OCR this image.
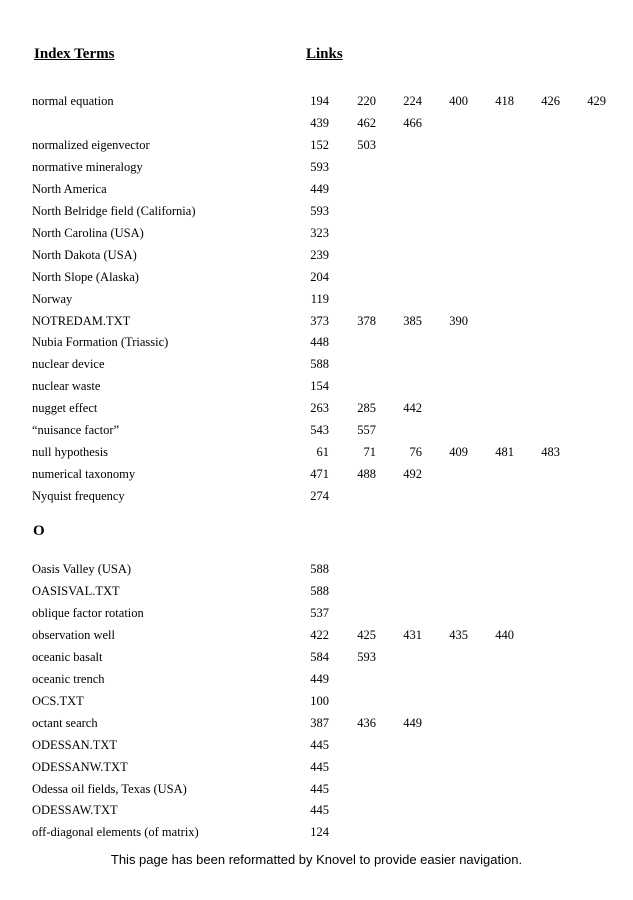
Index Terms	Links
normal equation	194	220	224	400	418	426	429
439	462	466
normalized eigenvector	152	503
normative mineralogy	593
North America	449
North Belridge field (California)	593
North Carolina (USA)	323
North Dakota (USA)	239
North Slope (Alaska)	204
Norway	119
NOTREDAM.TXT	373	378	385	390
Nubia Formation (Triassic)	448
nuclear device	588
nuclear waste	154
nugget effect	263	285	442
“nuisance factor”	543	557
null hypothesis	61	71	76	409	481	483
numerical taxonomy	471	488	492
Nyquist frequency	274
O
Oasis Valley (USA)	588
OASISVAL.TXT	588
oblique factor rotation	537
observation well	422	425	431	435	440
oceanic basalt	584	593
oceanic trench	449
OCS.TXT	100
octant search	387	436	449
ODESSAN.TXT	445
ODESSANW.TXT	445
Odessa oil fields, Texas (USA)	445
ODESSAW.TXT	445
off-diagonal elements (of matrix)	124
This page has been reformatted by Knovel to provide easier navigation.
